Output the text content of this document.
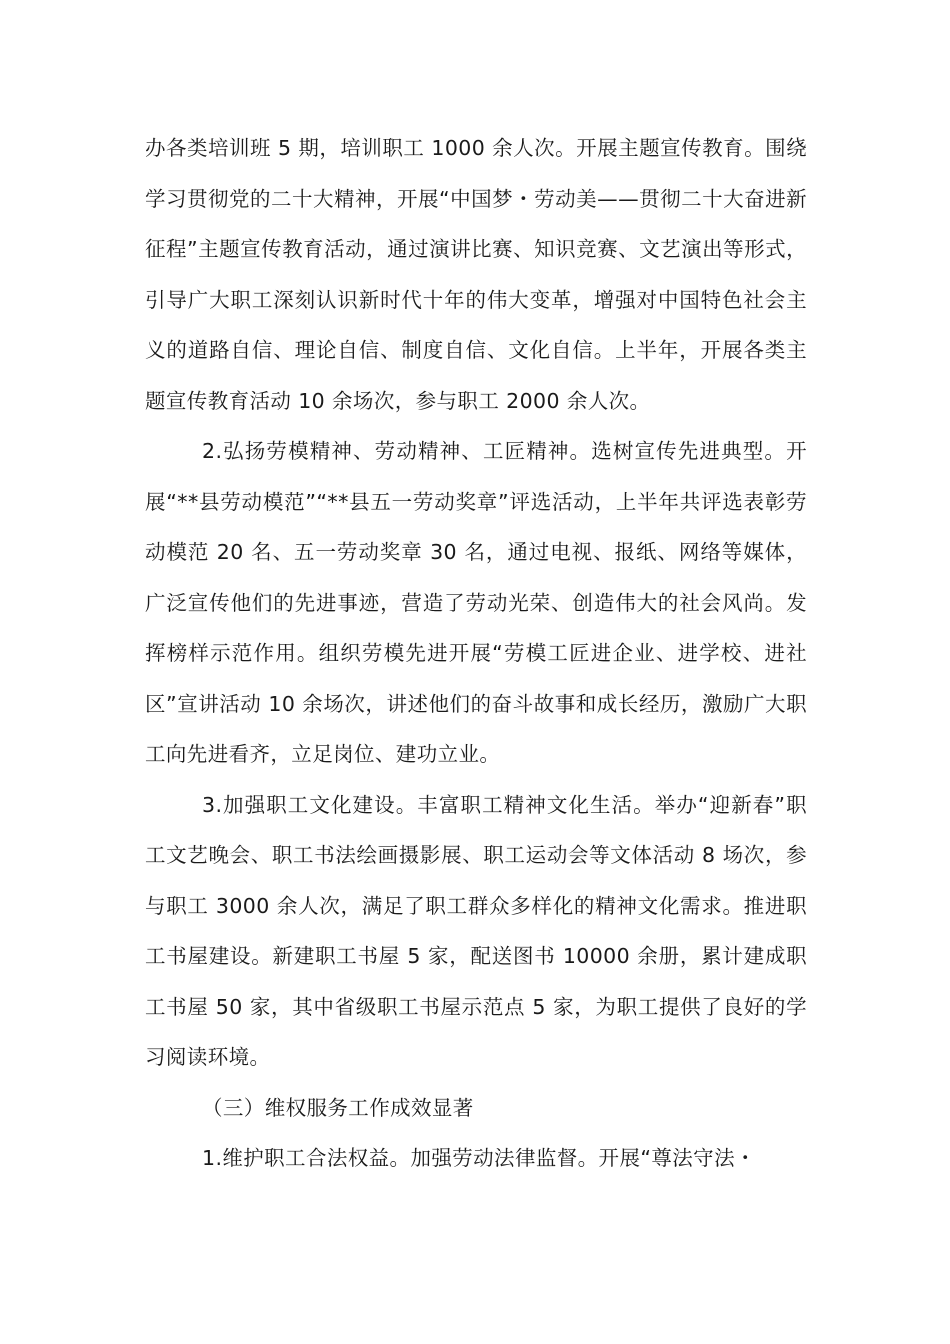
办各类培训班 5 期，培训职工 1000 余人次。开展主题宣传教育。围绕学习贯彻党的二十大精神，开展“中国梦・劳动美——贯彻二十大奋进新征程”主题宣传教育活动，通过演讲比赛、知识竞赛、文艺演出等形式，引导广大职工深刻认识新时代十年的伟大变革，增强对中国特色社会主义的道路自信、理论自信、制度自信、文化自信。上半年，开展各类主题宣传教育活动 10 余场次，参与职工 2000 余人次。

2.弘扬劳模精神、劳动精神、工匠精神。选树宣传先进典型。开展“**县劳动模范”“**县五一劳动奖章”评选活动，上半年共评选表彰劳动模范 20 名、五一劳动奖章 30 名，通过电视、报纸、网络等媒体，广泛宣传他们的先进事迹，营造了劳动光荣、创造伟大的社会风尚。发挥榜样示范作用。组织劳模先进开展“劳模工匠进企业、进学校、进社区”宣讲活动 10 余场次，讲述他们的奋斗故事和成长经历，激励广大职工向先进看齐，立足岗位、建功立业。

3.加强职工文化建设。丰富职工精神文化生活。举办“迎新春”职工文艺晚会、职工书法绘画摄影展、职工运动会等文体活动 8 场次，参与职工 3000 余人次，满足了职工群众多样化的精神文化需求。推进职工书屋建设。新建职工书屋 5 家，配送图书 10000 余册，累计建成职工书屋 50 家，其中省级职工书屋示范点 5 家，为职工提供了良好的学习阅读环境。

（三）维权服务工作成效显著

1.维护职工合法权益。加强劳动法律监督。开展“尊法守法・
